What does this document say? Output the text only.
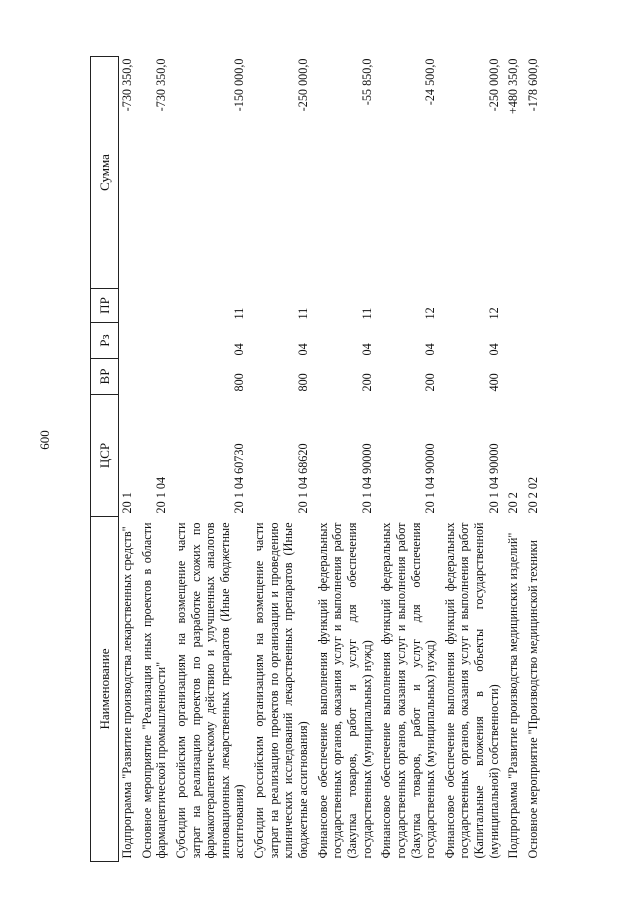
600
Наименование	ЦСР	ВР	Рз	ПР	Сумма
Подпрограмма "Развитие производства лекарственных средств"	20 1				-730 350,0
Основное мероприятие "Реализация иных проектов в области фармацевтической промышленности"	20 1 04				-730 350,0
Субсидии российским организациям на возмещение части затрат на реализацию проектов по разработке схожих по фармакотерапевтическому действию и улучшенных аналогов инновационных лекарственных препаратов (Иные бюджетные ассигнования)	20 1 04 60730	800	04	11	-150 000,0
Субсидии российским организациям на возмещение части затрат на реализацию проектов по организации и проведению клинических исследований лекарственных препаратов (Иные бюджетные ассигнования)	20 1 04 68620	800	04	11	-250 000,0
Финансовое обеспечение выполнения функций федеральных государственных органов, оказания услуг и выполнения работ (Закупка товаров, работ и услуг для обеспечения государственных (муниципальных) нужд)	20 1 04 90000	200	04	11	-55 850,0
Финансовое обеспечение выполнения функций федеральных государственных органов, оказания услуг и выполнения работ (Закупка товаров, работ и услуг для обеспечения государственных (муниципальных) нужд)	20 1 04 90000	200	04	12	-24 500,0
Финансовое обеспечение выполнения функций федеральных государственных органов, оказания услуг и выполнения работ (Капитальные вложения в объекты государственной (муниципальной) собственности)	20 1 04 90000	400	04	12	-250 000,0
Подпрограмма "Развитие производства медицинских изделий"	20 2				+480 350,0
Основное мероприятие "Производство медицинской техники	20 2 02				-178 600,0
